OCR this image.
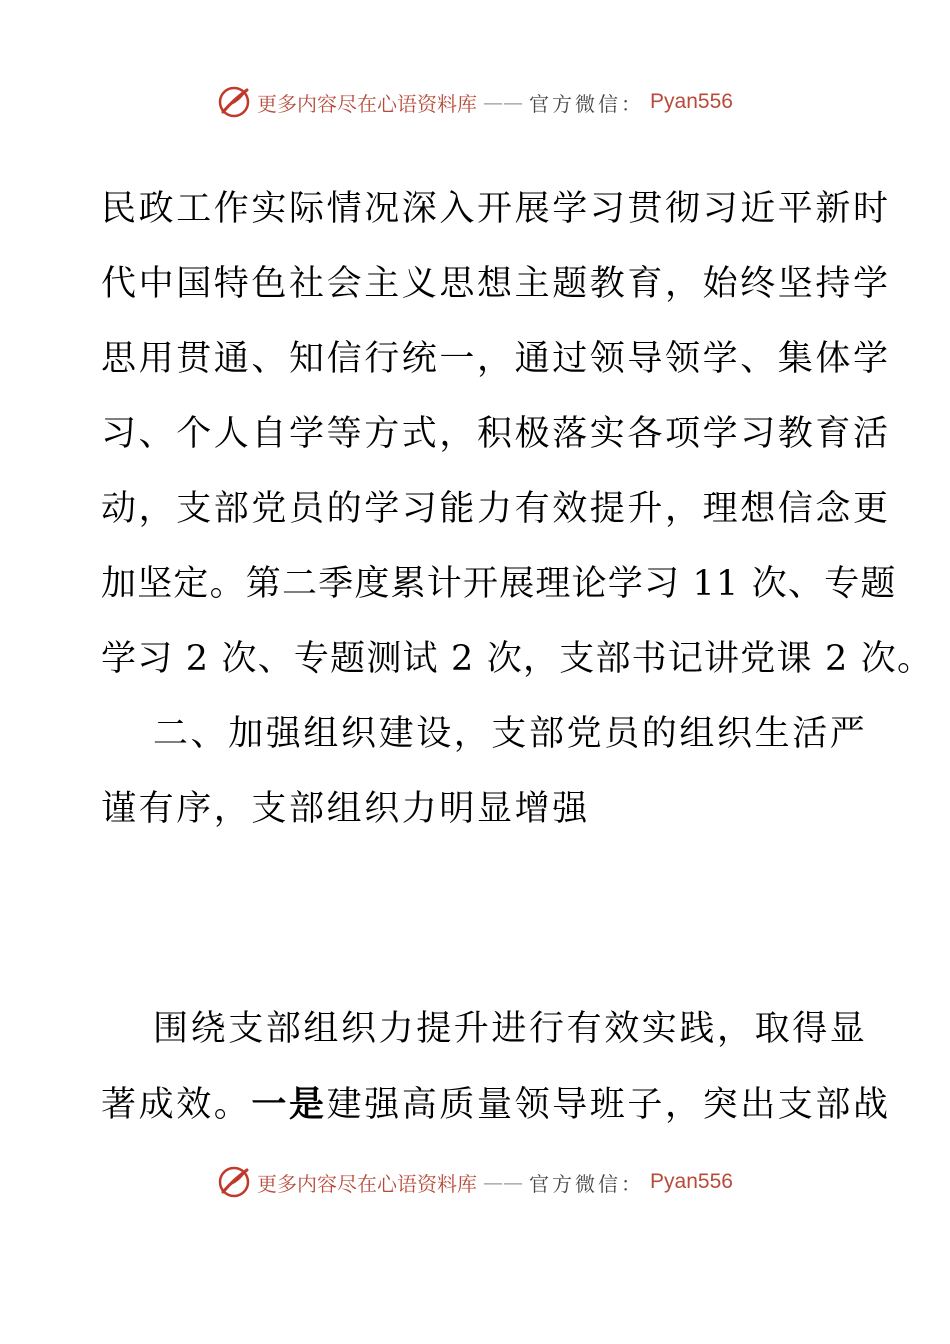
更多内容尽在心语资料库 —— 官方微信： Pyan556
民政工作实际情况深入开展学习贯彻习近平新时
代中国特色社会主义思想主题教育，始终坚持学
思用贯通、知信行统一，通过领导领学、集体学
习、个人自学等方式，积极落实各项学习教育活
动，支部党员的学习能力有效提升，理想信念更
加坚定。第二季度累计开展理论学习 11 次、专题
学习 2 次、专题测试 2 次，支部书记讲党课 2 次。
二、加强组织建设，支部党员的组织生活严
谨有序，支部组织力明显增强
围绕支部组织力提升进行有效实践，取得显
著成效。一是建强高质量领导班子，突出支部战
更多内容尽在心语资料库 —— 官方微信： Pyan556
